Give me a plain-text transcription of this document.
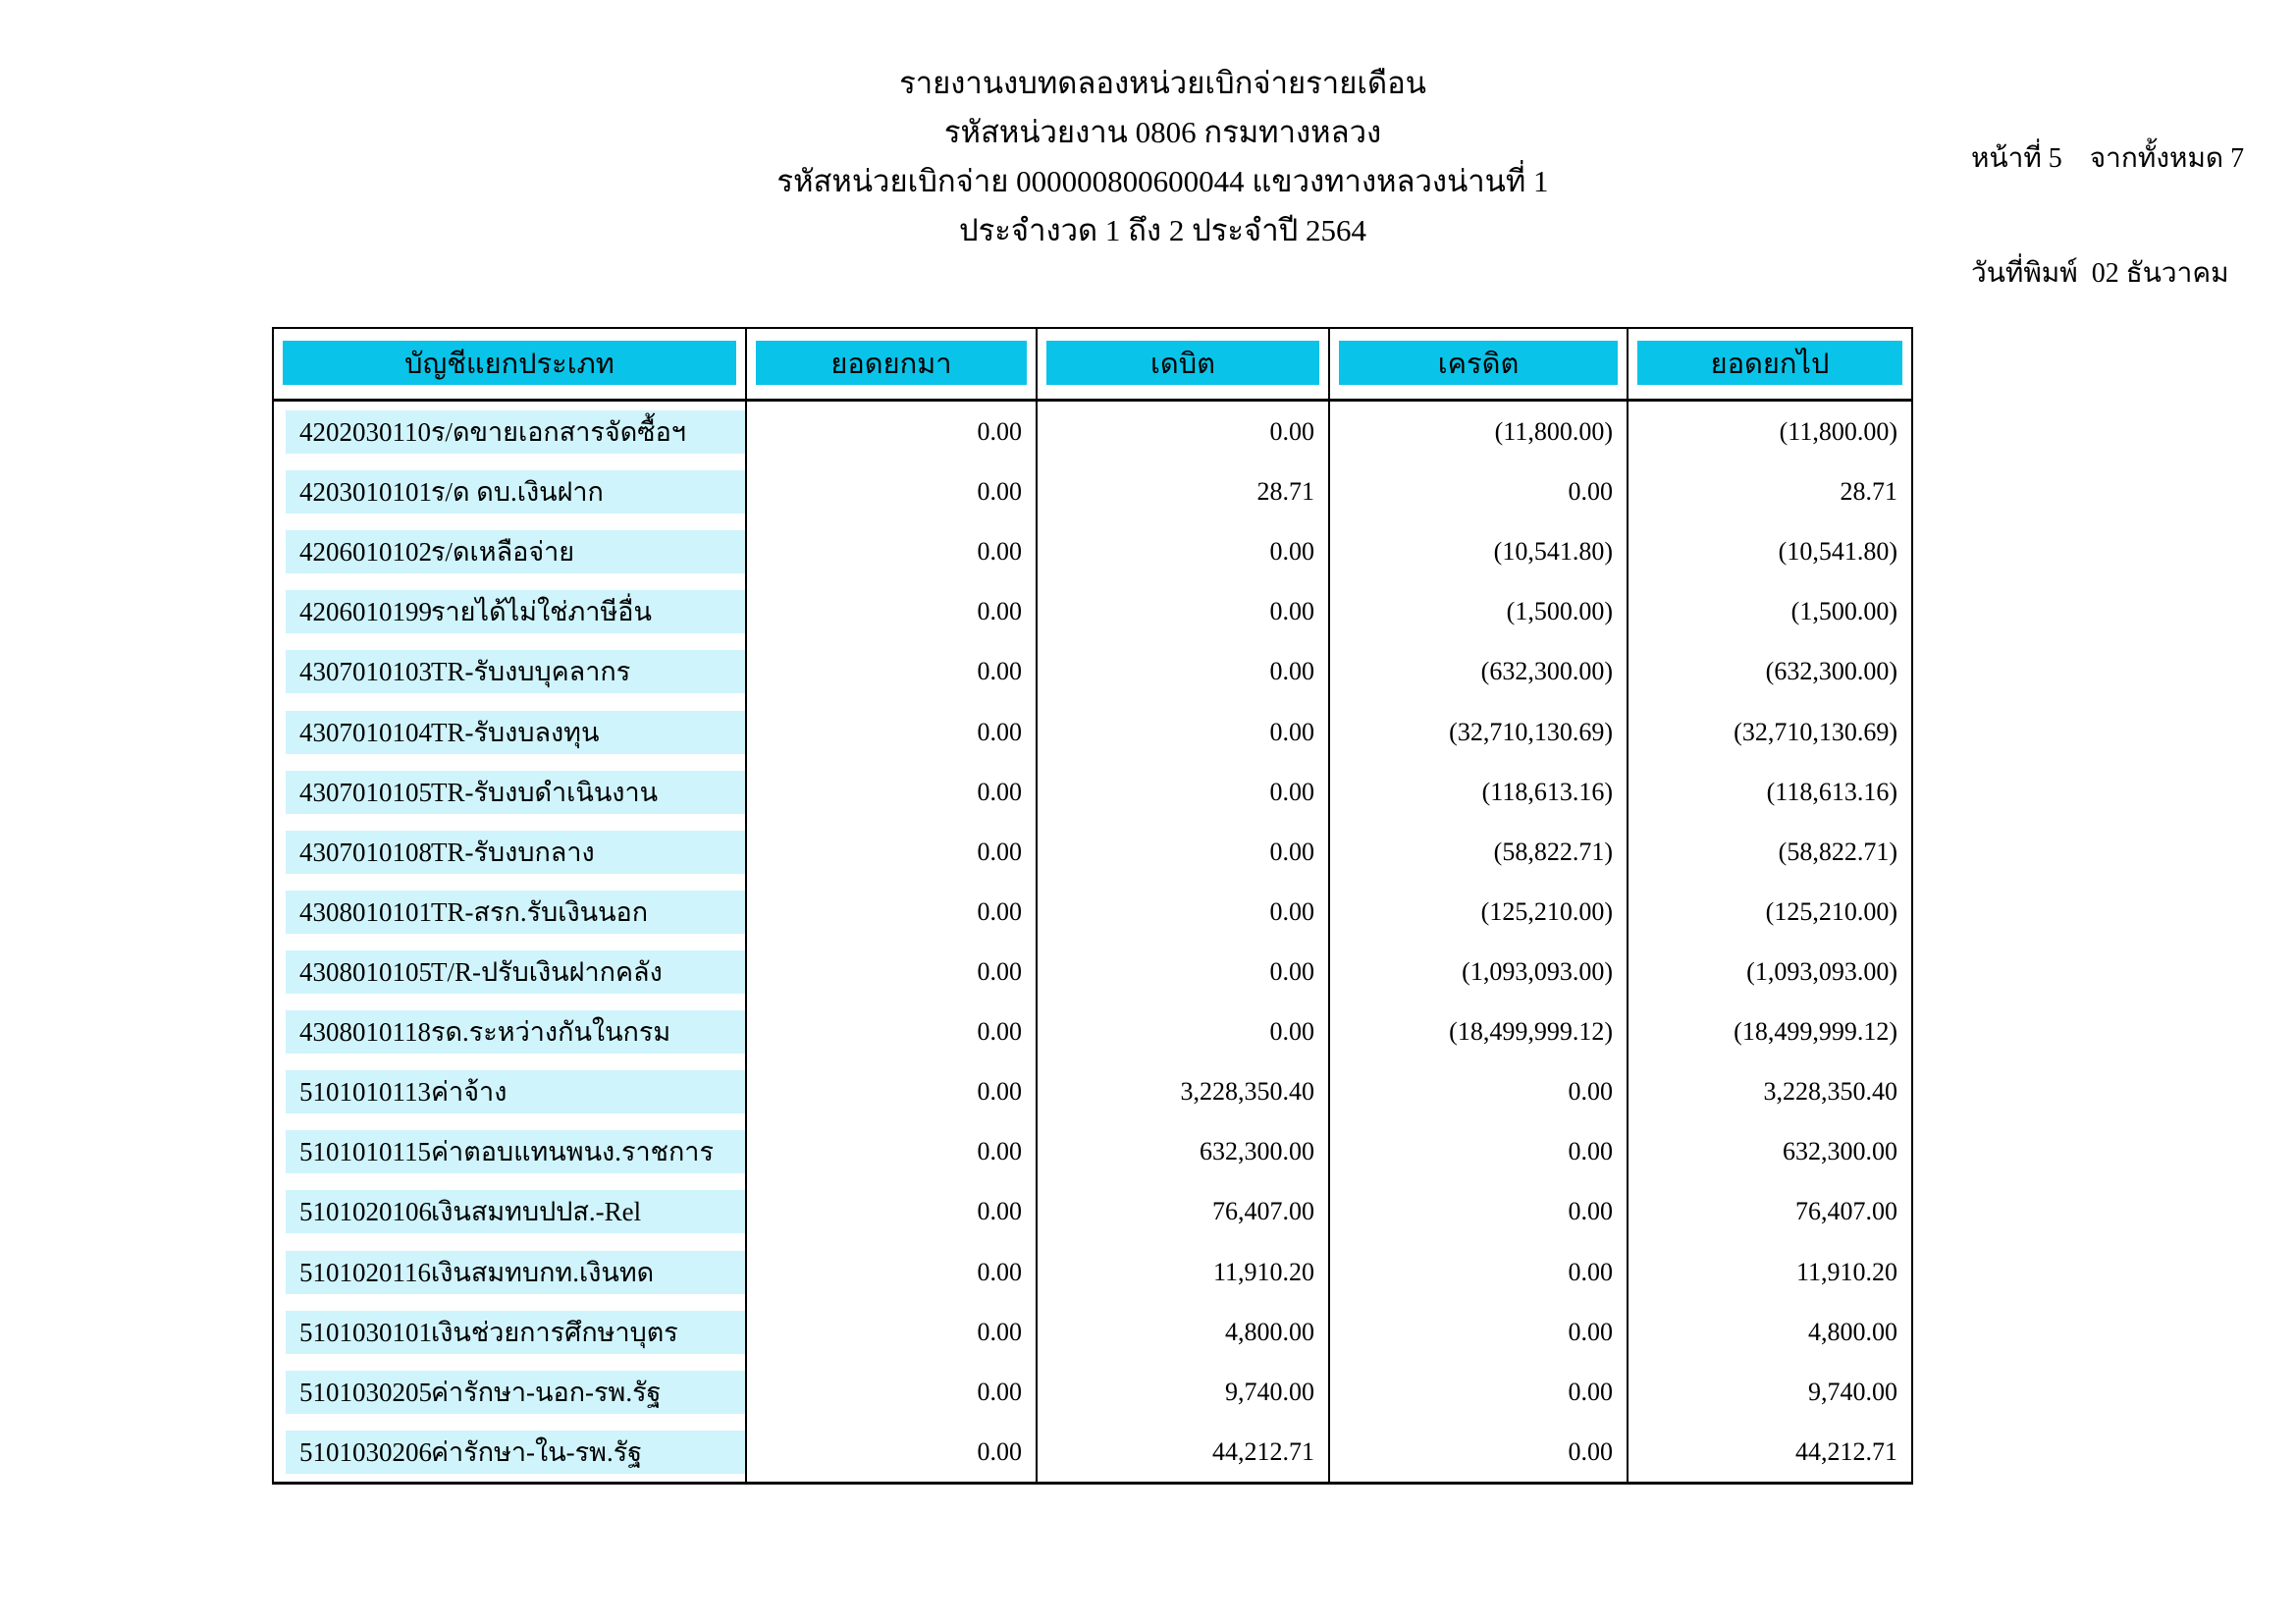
รายงานงบทดลองหน่วยเบิกจ่ายรายเดือน
รหัสหน่วยงาน 0806 กรมทางหลวง
รหัสหน่วยเบิกจ่าย 000000800600044 แขวงทางหลวงน่านที่ 1
ประจำงวด 1 ถึง 2 ประจำปี 2564

หน้าที่ 5    จากทั้งหมด 7

วันที่พิมพ์  02 ธันวาคม

บัญชีแยกประเภท	ยอดยกมา	เดบิต	เครดิต	ยอดยกไป
4202030110 ร/ดขายเอกสารจัดซื้อฯ	0.00	0.00	(11,800.00)	(11,800.00)
4203010101 ร/ด ดบ.เงินฝาก	0.00	28.71	0.00	28.71
4206010102 ร/ดเหลือจ่าย	0.00	0.00	(10,541.80)	(10,541.80)
4206010199 รายได้ไม่ใช่ภาษีอื่น	0.00	0.00	(1,500.00)	(1,500.00)
4307010103 TR-รับงบบุคลากร	0.00	0.00	(632,300.00)	(632,300.00)
4307010104 TR-รับงบลงทุน	0.00	0.00	(32,710,130.69)	(32,710,130.69)
4307010105 TR-รับงบดำเนินงาน	0.00	0.00	(118,613.16)	(118,613.16)
4307010108 TR-รับงบกลาง	0.00	0.00	(58,822.71)	(58,822.71)
4308010101 TR-สรก.รับเงินนอก	0.00	0.00	(125,210.00)	(125,210.00)
4308010105 T/R-ปรับเงินฝากคลัง	0.00	0.00	(1,093,093.00)	(1,093,093.00)
4308010118 รด.ระหว่างกันในกรม	0.00	0.00	(18,499,999.12)	(18,499,999.12)
5101010113 ค่าจ้าง	0.00	3,228,350.40	0.00	3,228,350.40
5101010115 ค่าตอบแทนพนง.ราชการ	0.00	632,300.00	0.00	632,300.00
5101020106 เงินสมทบปปส.-Rel	0.00	76,407.00	0.00	76,407.00
5101020116 เงินสมทบกท.เงินทด	0.00	11,910.20	0.00	11,910.20
5101030101 เงินช่วยการศึกษาบุตร	0.00	4,800.00	0.00	4,800.00
5101030205 ค่ารักษา-นอก-รพ.รัฐ	0.00	9,740.00	0.00	9,740.00
5101030206 ค่ารักษา-ใน-รพ.รัฐ	0.00	44,212.71	0.00	44,212.71
